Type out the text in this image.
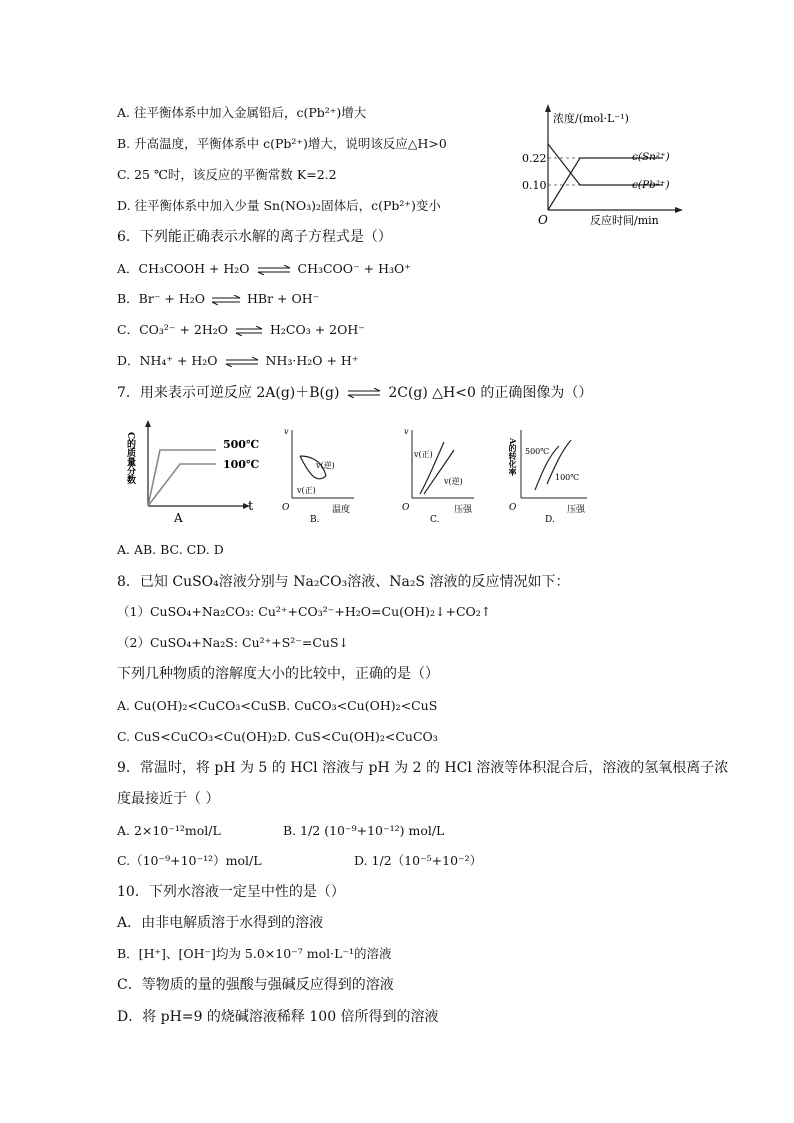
A. 往平衡体系中加入金属铅后，c(Pb²⁺)增大
B. 升高温度，平衡体系中 c(Pb²⁺)增大，说明该反应△H>0
C. 25 ℃时，该反应的平衡常数 K=2.2
D. 往平衡体系中加入少量 Sn(NO₃)₂固体后，c(Pb²⁺)变小
浓度/(mol·L⁻¹)
0.22
0.10
c(Sn²⁺)
c(Pb²⁺)
O	反应时间/min
6．下列能正确表示水解的离子方程式是（）
A．CH₃COOH + H₂O ⇌ CH₃COO⁻ + H₃O⁺
B．Br⁻ + H₂O ⇌ HBr + OH⁻
C．CO₃²⁻ + 2H₂O ⇌ H₂CO₃ + 2OH⁻
D．NH₄⁺ + H₂O ⇌ NH₃·H₂O + H⁺
7．用来表示可逆反应 2A(g)＋B(g) ⇌ 2C(g) △H<0 的正确图像为（）
C的质量分数	500℃
100℃
t
A
v
O
v(逆)
v(正)
温度
B.
v
O
v(正)
v(逆)
压强
C.
A的转化率
O
500℃
100℃
压强
D.
A. AB. BC. CD. D
8．已知 CuSO₄溶液分别与 Na₂CO₃溶液、Na₂S 溶液的反应情况如下：
（1）CuSO₄+Na₂CO₃: Cu²⁺+CO₃²⁻+H₂O=Cu(OH)₂↓+CO₂↑
（2）CuSO₄+Na₂S: Cu²⁺+S²⁻=CuS↓
下列几种物质的溶解度大小的比较中，正确的是（）
A. Cu(OH)₂<CuCO₃<CuSB. CuCO₃<Cu(OH)₂<CuS
C. CuS<CuCO₃<Cu(OH)₂D. CuS<Cu(OH)₂<CuCO₃
9．常温时，将 pH 为 5 的 HCl 溶液与 pH 为 2 的 HCl 溶液等体积混合后，溶液的氢氧根离子浓
度最接近于（ ）
A. 2×10⁻¹²mol/L	B. 1/2 (10⁻⁹+10⁻¹²) mol/L
C.（10⁻⁹+10⁻¹²）mol/L	D. 1/2（10⁻⁵+10⁻²）
10．下列水溶液一定呈中性的是（）
A．由非电解质溶于水得到的溶液
B．[H⁺]、[OH⁻]均为 5.0×10⁻⁷ mol·L⁻¹的溶液
C．等物质的量的强酸与强碱反应得到的溶液
D．将 pH=9 的烧碱溶液稀释 100 倍所得到的溶液
